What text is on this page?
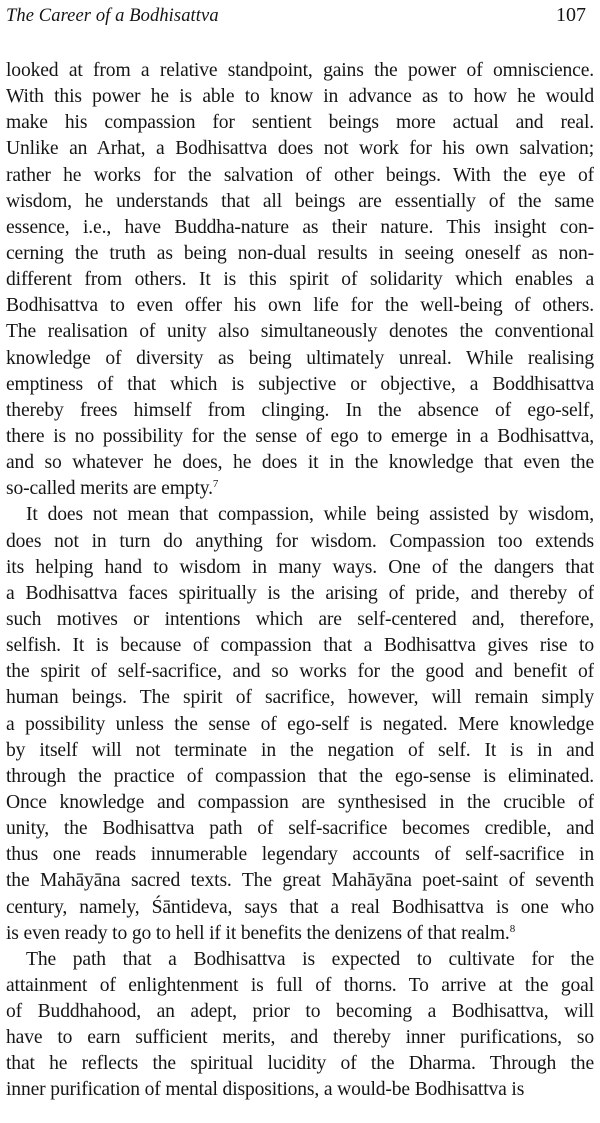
The Career of a Bodhisattva	107
looked at from a relative standpoint, gains the power of omniscience.
With this power he is able to know in advance as to how he would
make his compassion for sentient beings more actual and real.
Unlike an Arhat, a Bodhisattva does not work for his own salvation;
rather he works for the salvation of other beings. With the eye of
wisdom, he understands that all beings are essentially of the same
essence, i.e., have Buddha-nature as their nature. This insight con-
cerning the truth as being non-dual results in seeing oneself as non-
different from others. It is this spirit of solidarity which enables a
Bodhisattva to even offer his own life for the well-being of others.
The realisation of unity also simultaneously denotes the conventional
knowledge of diversity as being ultimately unreal. While realising
emptiness of that which is subjective or objective, a Boddhisattva
thereby frees himself from clinging. In the absence of ego-self,
there is no possibility for the sense of ego to emerge in a Bodhisattva,
and so whatever he does, he does it in the knowledge that even the
so-called merits are empty.$^7$
It does not mean that compassion, while being assisted by wisdom,
does not in turn do anything for wisdom. Compassion too extends
its helping hand to wisdom in many ways. One of the dangers that
a Bodhisattva faces spiritually is the arising of pride, and thereby of
such motives or intentions which are self-centered and, therefore,
selfish. It is because of compassion that a Bodhisattva gives rise to
the spirit of self-sacrifice, and so works for the good and benefit of
human beings. The spirit of sacrifice, however, will remain simply
a possibility unless the sense of ego-self is negated. Mere knowledge
by itself will not terminate in the negation of self. It is in and
through the practice of compassion that the ego-sense is eliminated.
Once knowledge and compassion are synthesised in the crucible of
unity, the Bodhisattva path of self-sacrifice becomes credible, and
thus one reads innumerable legendary accounts of self-sacrifice in
the Mahāyāna sacred texts. The great Mahāyāna poet-saint of seventh
century, namely, Śāntideva, says that a real Bodhisattva is one who
is even ready to go to hell if it benefits the denizens of that realm.$^8$
The path that a Bodhisattva is expected to cultivate for the
attainment of enlightenment is full of thorns. To arrive at the goal
of Buddhahood, an adept, prior to becoming a Bodhisattva, will
have to earn sufficient merits, and thereby inner purifications, so
that he reflects the spiritual lucidity of the Dharma. Through the
inner purification of mental dispositions, a would-be Bodhisattva is
